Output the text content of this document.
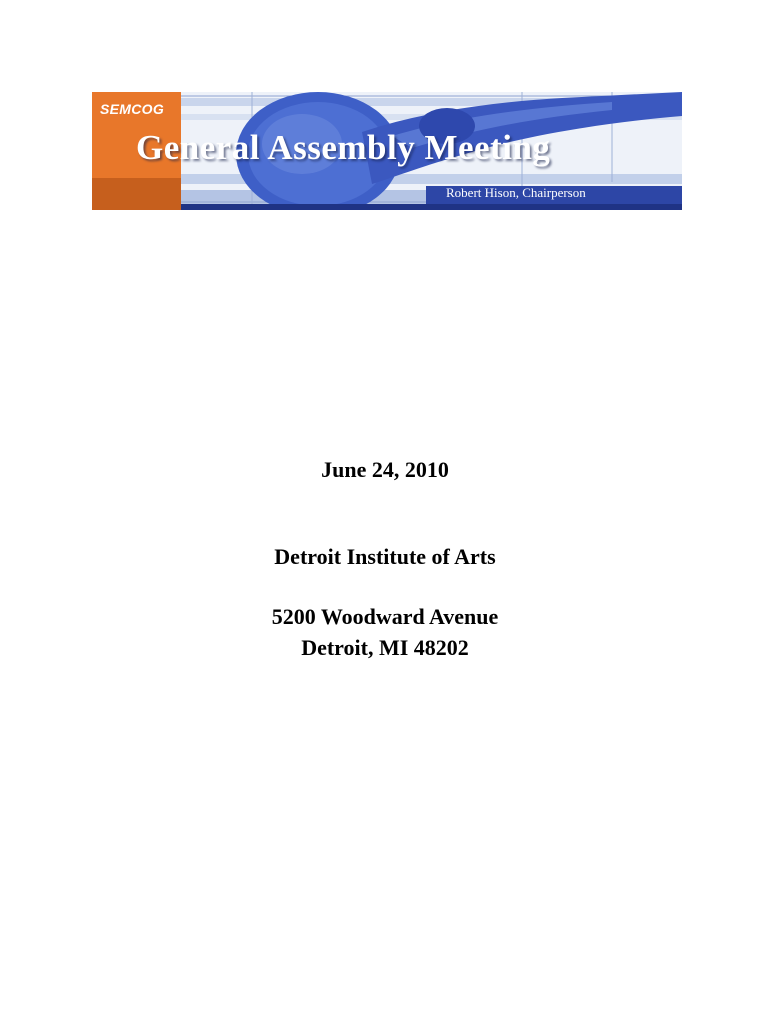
SEMCOG
General Assembly Meeting
Robert Hison, Chairperson
June 24, 2010
Detroit Institute of Arts
5200 Woodward Avenue
Detroit, MI 48202
